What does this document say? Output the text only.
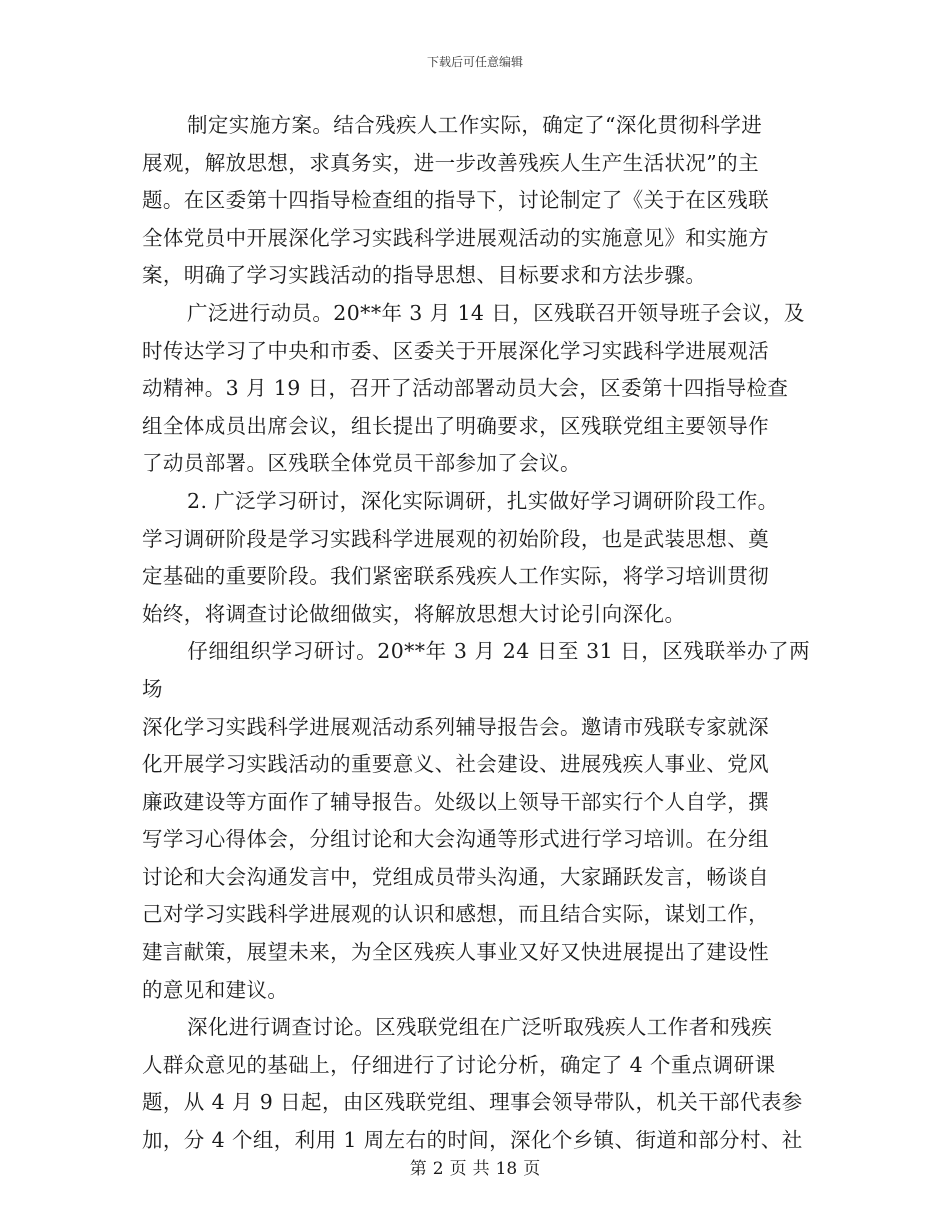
下载后可任意编辑

制定实施方案。结合残疾人工作实际，确定了“深化贯彻科学进
展观，解放思想，求真务实，进一步改善残疾人生产生活状况”的主
题。在区委第十四指导检查组的指导下，讨论制定了《关于在区残联
全体党员中开展深化学习实践科学进展观活动的实施意见》和实施方
案，明确了学习实践活动的指导思想、目标要求和方法步骤。

广泛进行动员。20**年 3 月 14 日，区残联召开领导班子会议，及
时传达学习了中央和市委、区委关于开展深化学习实践科学进展观活
动精神。3 月 19 日，召开了活动部署动员大会，区委第十四指导检查
组全体成员出席会议，组长提出了明确要求，区残联党组主要领导作
了动员部署。区残联全体党员干部参加了会议。

2. 广泛学习研讨，深化实际调研，扎实做好学习调研阶段工作。
学习调研阶段是学习实践科学进展观的初始阶段，也是武装思想、奠
定基础的重要阶段。我们紧密联系残疾人工作实际，将学习培训贯彻
始终，将调查讨论做细做实，将解放思想大讨论引向深化。

仔细组织学习研讨。20**年 3 月 24 日至 31 日，区残联举办了两场
深化学习实践科学进展观活动系列辅导报告会。邀请市残联专家就深
化开展学习实践活动的重要意义、社会建设、进展残疾人事业、党风
廉政建设等方面作了辅导报告。处级以上领导干部实行个人自学，撰
写学习心得体会，分组讨论和大会沟通等形式进行学习培训。在分组
讨论和大会沟通发言中，党组成员带头沟通，大家踊跃发言，畅谈自
己对学习实践科学进展观的认识和感想，而且结合实际，谋划工作，
建言献策，展望未来，为全区残疾人事业又好又快进展提出了建设性
的意见和建议。

深化进行调查讨论。区残联党组在广泛听取残疾人工作者和残疾
人群众意见的基础上，仔细进行了讨论分析，确定了 4 个重点调研课
题，从 4 月 9 日起，由区残联党组、理事会领导带队，机关干部代表参
加，分 4 个组，利用 1 周左右的时间，深化个乡镇、街道和部分村、社

第 2 页 共 18 页
